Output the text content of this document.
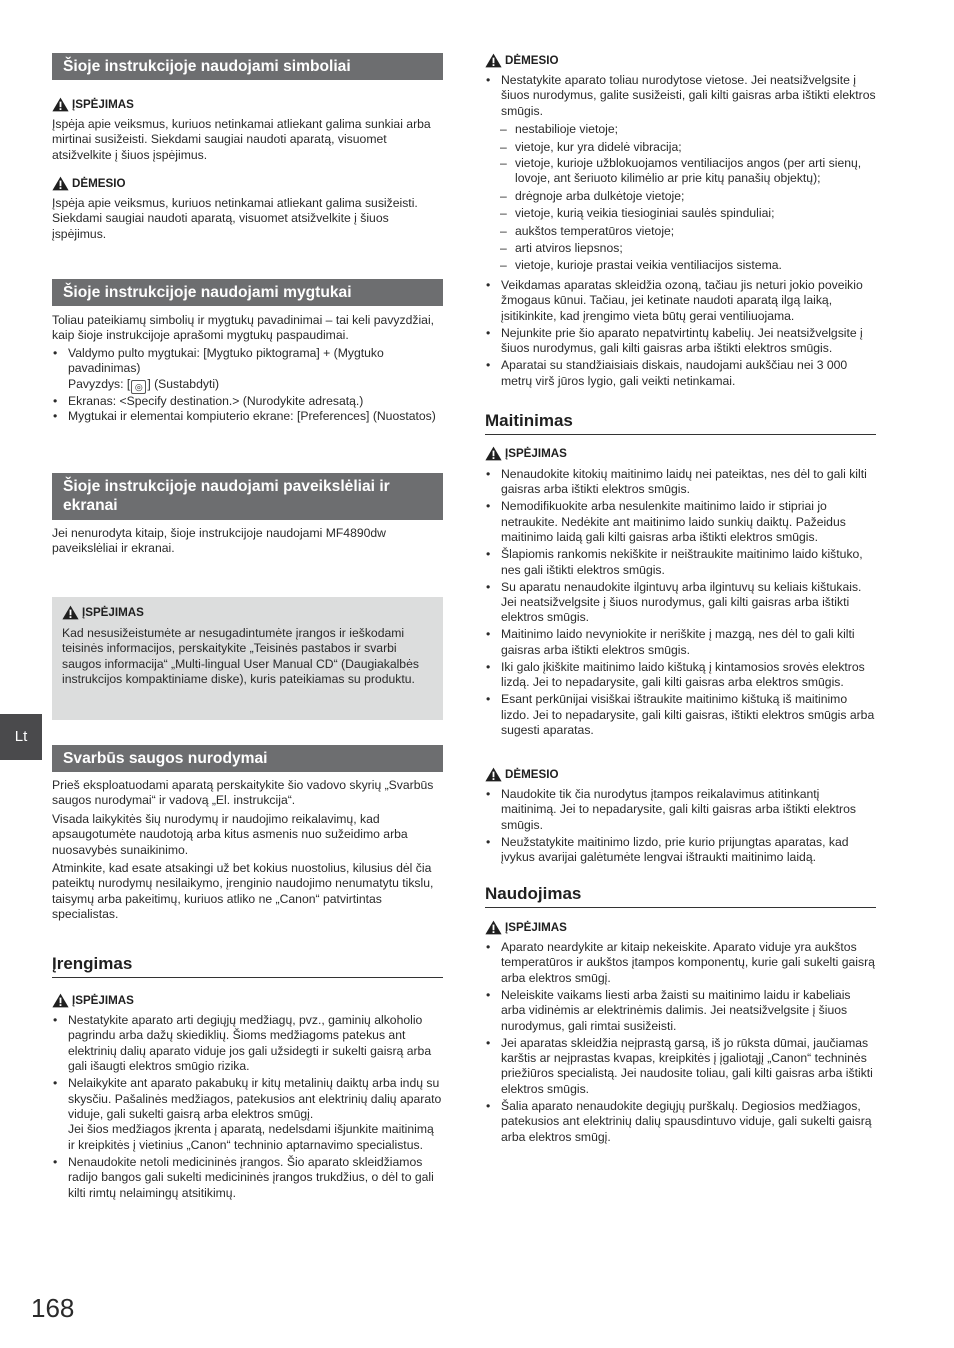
Lt
Šioje instrukcijoje naudojami simboliai
ĮSPĖJIMAS

Įspėja apie veiksmus, kuriuos netinkamai atliekant galima sunkiai arba mirtinai susižeisti. Siekdami saugiai naudoti aparatą, visuomet atsižvelkite į šiuos įspėjimus.

DĖMESIO

Įspėja apie veiksmus, kuriuos netinkamai atliekant galima susižeisti. Siekdami saugiai naudoti aparatą, visuomet atsižvelkite į šiuos įspėjimus.

Šioje instrukcijoje naudojami mygtukai

Toliau pateikiamų simbolių ir mygtukų pavadinimai – tai keli pavyzdžiai, kaip šioje instrukcijoje aprašomi mygtukų paspaudimai.

• Valdymo pulto mygtukai: [Mygtuko piktograma] + (Mygtuko pavadinimas)
Pavyzdys: [ ◎ ] (Sustabdyti)
• Ekranas: <Specify destination.> (Nurodykite adresatą.)
• Mygtukai ir elementai kompiuterio ekrane: [Preferences] (Nuostatos)
Šioje instrukcijoje naudojami paveikslėliai ir ekranai

Jei nenurodyta kitaip, šioje instrukcijoje naudojami MF4890dw paveikslėliai ir ekranai.

ĮSPĖJIMAS

Kad nesusižeistumėte ar nesugadintumėte įrangos ir ieškodami teisinės informacijos, perskaitykite „Teisinės pastabos ir svarbi saugos informacija“ „Multi-lingual User Manual CD“ (Daugiakalbės instrukcijos kompaktiniame diske), kuris pateikiamas su produktu.

Svarbūs saugos nurodymai

Prieš eksploatuodami aparatą perskaitykite šio vadovo skyrių „Svarbūs saugos nurodymai“ ir vadovą „El. instrukcija“.

Visada laikykitės šių nurodymų ir naudojimo reikalavimų, kad apsaugotumėte naudotoją arba kitus asmenis nuo sužeidimo arba nuosavybės sunaikinimo.

Atminkite, kad esate atsakingi už bet kokius nuostolius, kilusius dėl čia pateiktų nurodymų nesilaikymo, įrenginio naudojimo nenumatytu tikslu, taisymų arba pakeitimų, kuriuos atliko ne „Canon“ patvirtintas specialistas.

Įrengimas
ĮSPĖJIMAS
• Nestatykite aparato arti degiųjų medžiagų, pvz., gaminių alkoholio pagrindu arba dažų skiediklių. Šioms medžiagoms patekus ant elektrinių dalių aparato viduje jos gali užsidegti ir sukelti gaisrą arba gali išaugti elektros smūgio rizika.
• Nelaikykite ant aparato pakabukų ir kitų metalinių daiktų arba indų su skysčiu. Pašalinės medžiagos, patekusios ant elektrinių dalių aparato viduje, gali sukelti gaisrą arba elektros smūgį.
Jei šios medžiagos įkrenta į aparatą, nedelsdami išjunkite maitinimą ir kreipkitės į vietinius „Canon“ techninio aptarnavimo specialistus.
• Nenaudokite netoli medicininės įrangos. Šio aparato skleidžiamos radijo bangos gali sukelti medicininės įrangos trukdžius, o dėl to gali kilti rimtų nelaimingų atsitikimų.
DĖMESIO
• Nestatykite aparato toliau nurodytose vietose. Jei neatsižvelgsite į šiuos nurodymus, galite susižeisti, gali kilti gaisras arba ištikti elektros smūgis.
– nestabilioje vietoje;
– vietoje, kur yra didelė vibracija;
– vietoje, kurioje užblokuojamos ventiliacijos angos (per arti sienų, lovoje, ant šeriuoto kilimėlio ar prie kitų panašių objektų);
– drėgnoje arba dulkėtoje vietoje;
– vietoje, kurią veikia tiesioginiai saulės spinduliai;
– aukštos temperatūros vietoje;
– arti atviros liepsnos;
– vietoje, kurioje prastai veikia ventiliacijos sistema.
• Veikdamas aparatas skleidžia ozoną, tačiau jis neturi jokio poveikio žmogaus kūnui. Tačiau, jei ketinate naudoti aparatą ilgą laiką, įsitikinkite, kad įrengimo vieta būtų gerai ventiliuojama.
• Nejunkite prie šio aparato nepatvirtintų kabelių. Jei neatsižvelgsite į šiuos nurodymus, gali kilti gaisras arba ištikti elektros smūgis.
• Aparatai su standžiaisiais diskais, naudojami aukščiau nei 3 000 metrų virš jūros lygio, gali veikti netinkamai.
Maitinimas
ĮSPĖJIMAS
• Nenaudokite kitokių maitinimo laidų nei pateiktas, nes dėl to gali kilti gaisras arba ištikti elektros smūgis.
• Nemodifikuokite arba nesulenkite maitinimo laido ir stipriai jo netraukite. Nedėkite ant maitinimo laido sunkių daiktų. Pažeidus maitinimo laidą gali kilti gaisras arba ištikti elektros smūgis.
• Šlapiomis rankomis nekiškite ir neištraukite maitinimo laido kištuko, nes gali ištikti elektros smūgis.
• Su aparatu nenaudokite ilgintuvų arba ilgintuvų su keliais kištukais. Jei neatsižvelgsite į šiuos nurodymus, gali kilti gaisras arba ištikti elektros smūgis.
• Maitinimo laido nevyniokite ir neriškite į mazgą, nes dėl to gali kilti gaisras arba ištikti elektros smūgis.
• Iki galo įkiškite maitinimo laido kištuką į kintamosios srovės elektros lizdą. Jei to nepadarysite, gali kilti gaisras arba elektros smūgis.
• Esant perkūnijai visiškai ištraukite maitinimo kištuką iš maitinimo lizdo. Jei to nepadarysite, gali kilti gaisras, ištikti elektros smūgis arba sugesti aparatas.
DĖMESIO
• Naudokite tik čia nurodytus įtampos reikalavimus atitinkantį maitinimą. Jei to nepadarysite, gali kilti gaisras arba ištikti elektros smūgis.
• Neužstatykite maitinimo lizdo, prie kurio prijungtas aparatas, kad įvykus avarijai galėtumėte lengvai ištraukti maitinimo laidą.
Naudojimas
ĮSPĖJIMAS
• Aparato neardykite ar kitaip nekeiskite. Aparato viduje yra aukštos temperatūros ir aukštos įtampos komponentų, kurie gali sukelti gaisrą arba elektros smūgį.
• Neleiskite vaikams liesti arba žaisti su maitinimo laidu ir kabeliais arba vidinėmis ar elektrinėmis dalimis. Jei neatsižvelgsite į šiuos nurodymus, gali rimtai susižeisti.
• Jei aparatas skleidžia neįprastą garsą, iš jo rūksta dūmai, jaučiamas karštis ar neįprastas kvapas, kreipkitės į įgaliotąjį „Canon“ techninės priežiūros specialistą. Jei naudosite toliau, gali kilti gaisras arba ištikti elektros smūgis.
• Šalia aparato nenaudokite degiųjų purškalų. Degiosios medžiagos, patekusios ant elektrinių dalių spausdintuvo viduje, gali sukelti gaisrą arba elektros smūgį.
168
